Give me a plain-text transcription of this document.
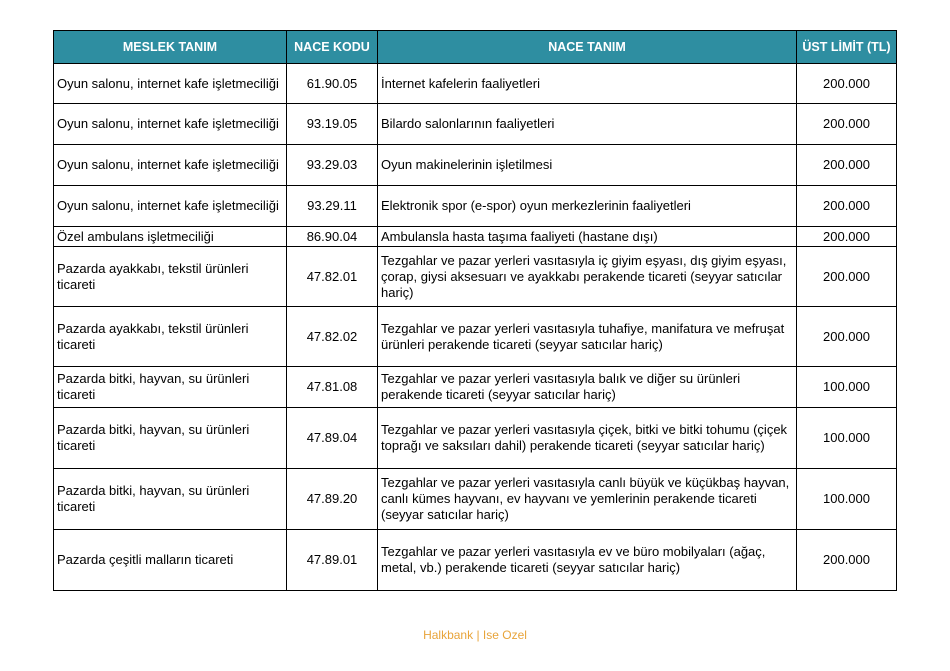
MESLEK TANIM	NACE KODU	NACE TANIM	ÜST LİMİT (TL)
Oyun salonu, internet kafe işletmeciliği	61.90.05	İnternet kafelerin faaliyetleri	200.000
Oyun salonu, internet kafe işletmeciliği	93.19.05	Bilardo salonlarının faaliyetleri	200.000
Oyun salonu, internet kafe işletmeciliği	93.29.03	Oyun makinelerinin işletilmesi	200.000
Oyun salonu, internet kafe işletmeciliği	93.29.11	Elektronik spor (e-spor) oyun merkezlerinin faaliyetleri	200.000
Özel ambulans işletmeciliği	86.90.04	Ambulansla hasta taşıma faaliyeti (hastane dışı)	200.000
Pazarda ayakkabı, tekstil ürünleri ticareti	47.82.01	Tezgahlar ve pazar yerleri vasıtasıyla iç giyim eşyası, dış giyim eşyası, çorap, giysi aksesuarı ve ayakkabı perakende ticareti (seyyar satıcılar hariç)	200.000
Pazarda ayakkabı, tekstil ürünleri ticareti	47.82.02	Tezgahlar ve pazar yerleri vasıtasıyla tuhafiye, manifatura ve mefruşat ürünleri perakende ticareti (seyyar satıcılar hariç)	200.000
Pazarda bitki, hayvan, su ürünleri ticareti	47.81.08	Tezgahlar ve pazar yerleri vasıtasıyla balık ve diğer su ürünleri perakende ticareti (seyyar satıcılar hariç)	100.000
Pazarda bitki, hayvan, su ürünleri ticareti	47.89.04	Tezgahlar ve pazar yerleri vasıtasıyla çiçek, bitki ve bitki tohumu (çiçek toprağı ve saksıları dahil) perakende ticareti (seyyar satıcılar hariç)	100.000
Pazarda bitki, hayvan, su ürünleri ticareti	47.89.20	Tezgahlar ve pazar yerleri vasıtasıyla canlı büyük ve küçükbaş hayvan, canlı kümes hayvanı, ev hayvanı ve yemlerinin perakende ticareti (seyyar satıcılar hariç)	100.000
Pazarda çeşitli malların ticareti	47.89.01	Tezgahlar ve pazar yerleri vasıtasıyla ev ve büro mobilyaları (ağaç, metal, vb.) perakende ticareti (seyyar satıcılar hariç)	200.000
Halkbank | Ise Ozel
